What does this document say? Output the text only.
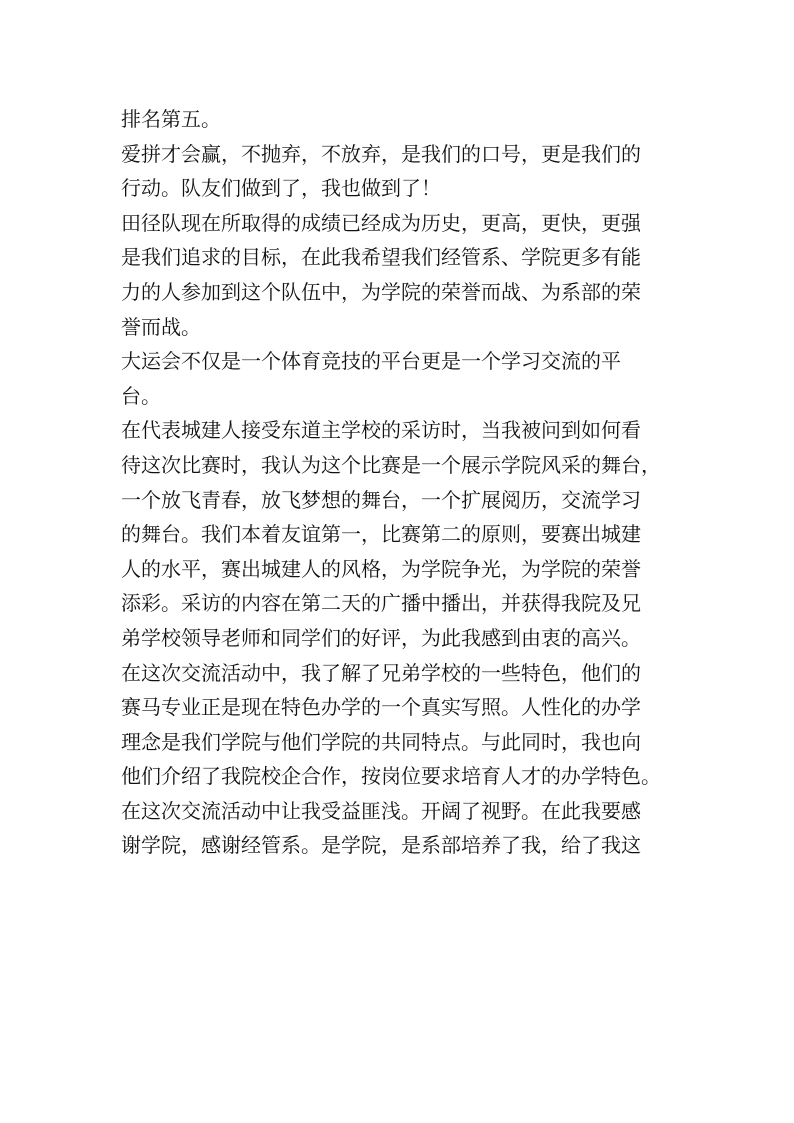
排名第五。
爱拼才会赢，不抛弃，不放弃，是我们的口号，更是我们的
行动。队友们做到了，我也做到了！
田径队现在所取得的成绩已经成为历史，更高，更快，更强
是我们追求的目标，在此我希望我们经管系、学院更多有能
力的人参加到这个队伍中，为学院的荣誉而战、为系部的荣
誉而战。
大运会不仅是一个体育竞技的平台更是一个学习交流的平
台。
在代表城建人接受东道主学校的采访时，当我被问到如何看
待这次比赛时，我认为这个比赛是一个展示学院风采的舞台，
一个放飞青春，放飞梦想的舞台，一个扩展阅历，交流学习
的舞台。我们本着友谊第一，比赛第二的原则，要赛出城建
人的水平，赛出城建人的风格，为学院争光，为学院的荣誉
添彩。采访的内容在第二天的广播中播出，并获得我院及兄
弟学校领导老师和同学们的好评，为此我感到由衷的高兴。
在这次交流活动中，我了解了兄弟学校的一些特色，他们的
赛马专业正是现在特色办学的一个真实写照。人性化的办学
理念是我们学院与他们学院的共同特点。与此同时，我也向
他们介绍了我院校企合作，按岗位要求培育人才的办学特色。
在这次交流活动中让我受益匪浅。开阔了视野。在此我要感
谢学院，感谢经管系。是学院，是系部培养了我，给了我这
